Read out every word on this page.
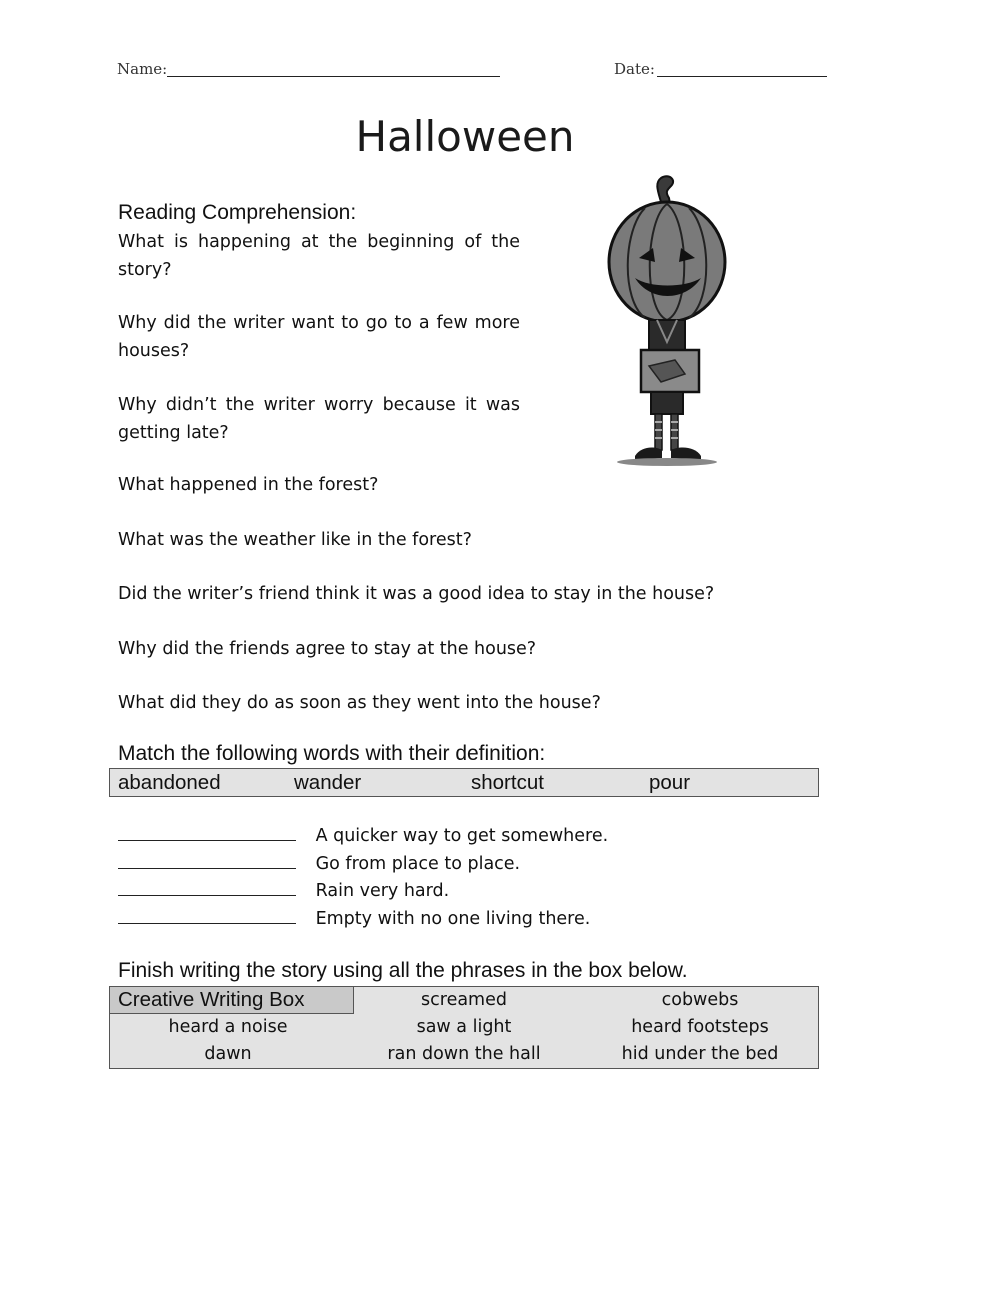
Name:	Date:
Halloween
Reading Comprehension:
What is happening at the beginning of the story?
Why did the writer want to go to a few more houses?
Why didn’t the writer worry because it was getting late?
What happened in the forest?
What was the weather like in the forest?
Did the writer’s friend think it was a good idea to stay in the house?
Why did the friends agree to stay at the house?
What did they do as soon as they went into the house?
Match the following words with their definition:
abandoned	wander	shortcut	pour
A quicker way to get somewhere.
Go from place to place.
Rain very hard.
Empty with no one living there.
Finish writing the story using all the phrases in the box below.
Creative Writing Box	screamed	cobwebs
heard a noise	saw a light	heard footsteps
dawn	ran down the hall	hid under the bed
